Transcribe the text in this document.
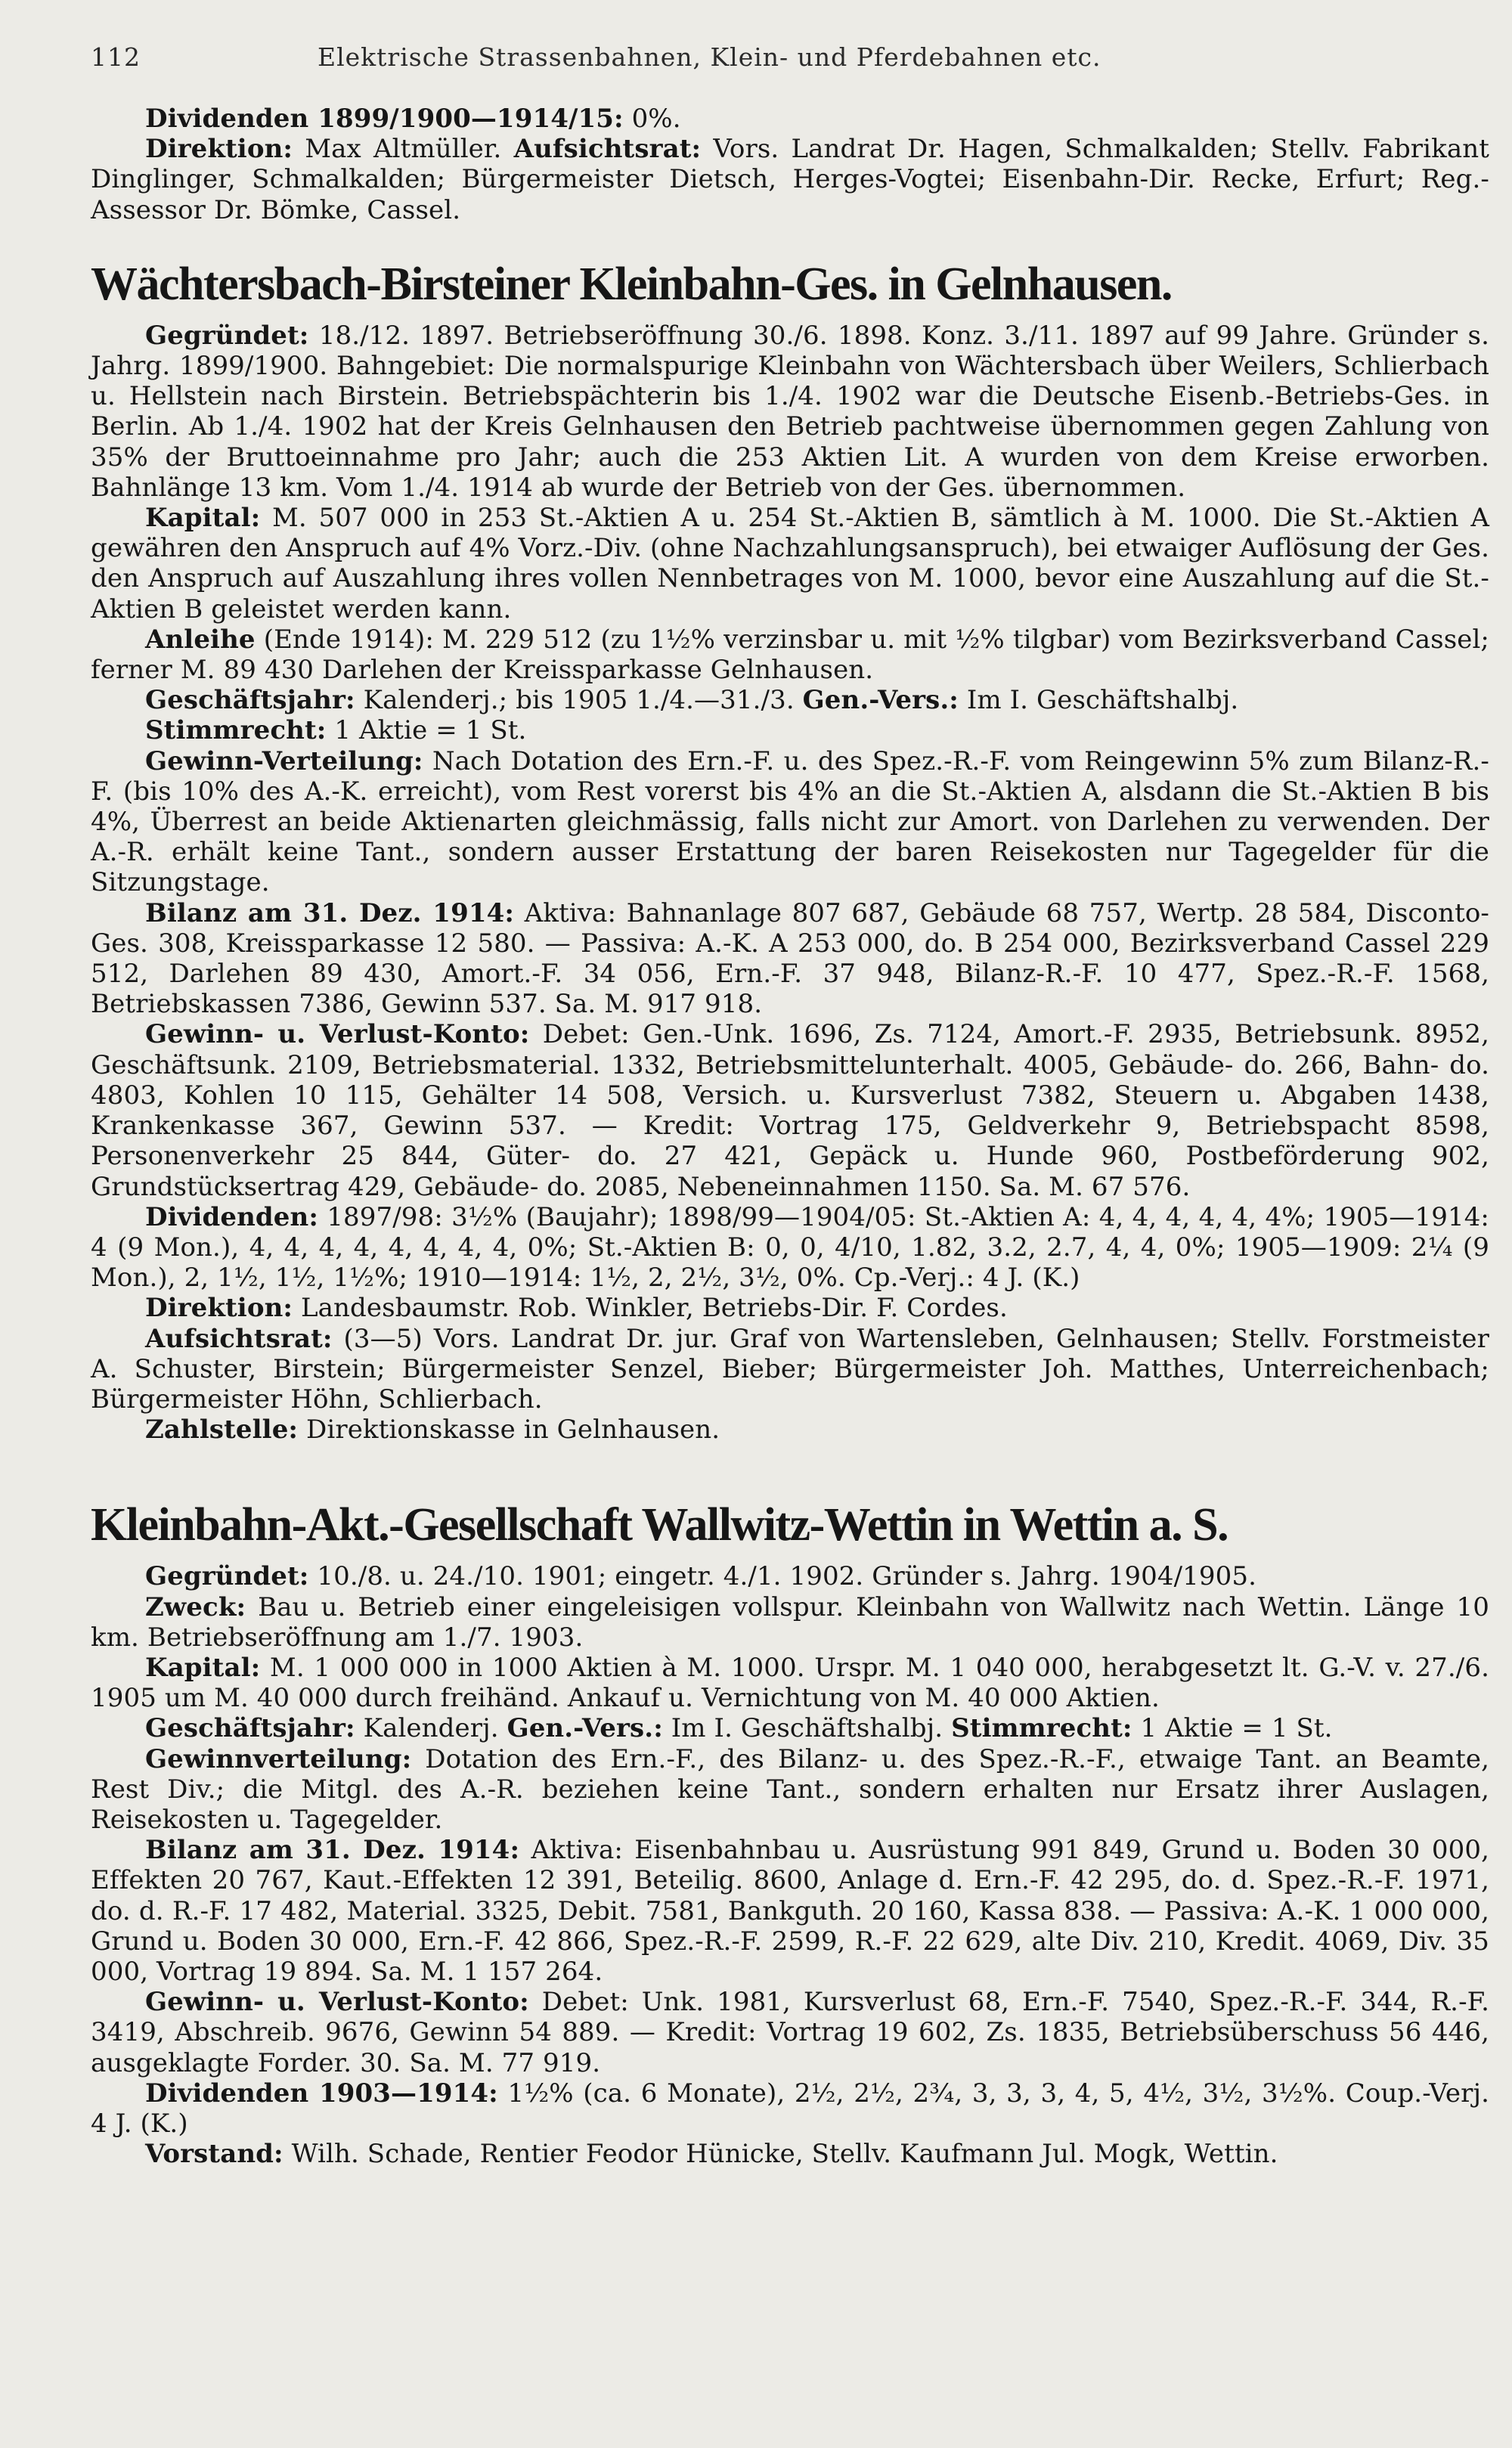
112	Elektrische Strassenbahnen, Klein- und Pferdebahnen etc.

Dividenden 1899/1900—1914/15: 0%.

Direktion: Max Altmüller. Aufsichtsrat: Vors. Landrat Dr. Hagen, Schmalkalden; Stellv. Fabrikant Dinglinger, Schmalkalden; Bürgermeister Dietsch, Herges-Vogtei; Eisenbahn-Dir. Recke, Erfurt; Reg.-Assessor Dr. Bömke, Cassel.

Wächtersbach-Birsteiner Kleinbahn-Ges. in Gelnhausen.

Gegründet: 18./12. 1897. Betriebseröffnung 30./6. 1898. Konz. 3./11. 1897 auf 99 Jahre. Gründer s. Jahrg. 1899/1900. Bahngebiet: Die normalspurige Kleinbahn von Wächtersbach über Weilers, Schlierbach u. Hellstein nach Birstein. Betriebspächterin bis 1./4. 1902 war die Deutsche Eisenb.-Betriebs-Ges. in Berlin. Ab 1./4. 1902 hat der Kreis Gelnhausen den Betrieb pachtweise übernommen gegen Zahlung von 35% der Bruttoeinnahme pro Jahr; auch die 253 Aktien Lit. A wurden von dem Kreise erworben. Bahnlänge 13 km. Vom 1./4. 1914 ab wurde der Betrieb von der Ges. übernommen.

Kapital: M. 507 000 in 253 St.-Aktien A u. 254 St.-Aktien B, sämtlich à M. 1000. Die St.-Aktien A gewähren den Anspruch auf 4% Vorz.-Div. (ohne Nachzahlungsanspruch), bei etwaiger Auflösung der Ges. den Anspruch auf Auszahlung ihres vollen Nennbetrages von M. 1000, bevor eine Auszahlung auf die St.-Aktien B geleistet werden kann.

Anleihe (Ende 1914): M. 229 512 (zu 1½% verzinsbar u. mit ½% tilgbar) vom Bezirksverband Cassel; ferner M. 89 430 Darlehen der Kreissparkasse Gelnhausen.

Geschäftsjahr: Kalenderj.; bis 1905 1./4.—31./3. Gen.-Vers.: Im I. Geschäftshalbj.

Stimmrecht: 1 Aktie = 1 St.

Gewinn-Verteilung: Nach Dotation des Ern.-F. u. des Spez.-R.-F. vom Reingewinn 5% zum Bilanz-R.-F. (bis 10% des A.-K. erreicht), vom Rest vorerst bis 4% an die St.-Aktien A, alsdann die St.-Aktien B bis 4%, Überrest an beide Aktienarten gleichmässig, falls nicht zur Amort. von Darlehen zu verwenden. Der A.-R. erhält keine Tant., sondern ausser Erstattung der baren Reisekosten nur Tagegelder für die Sitzungstage.

Bilanz am 31. Dez. 1914: Aktiva: Bahnanlage 807 687, Gebäude 68 757, Wertp. 28 584, Disconto-Ges. 308, Kreissparkasse 12 580. — Passiva: A.-K. A 253 000, do. B 254 000, Bezirksverband Cassel 229 512, Darlehen 89 430, Amort.-F. 34 056, Ern.-F. 37 948, Bilanz-R.-F. 10 477, Spez.-R.-F. 1568, Betriebskassen 7386, Gewinn 537. Sa. M. 917 918.

Gewinn- u. Verlust-Konto: Debet: Gen.-Unk. 1696, Zs. 7124, Amort.-F. 2935, Betriebsunk. 8952, Geschäftsunk. 2109, Betriebsmaterial. 1332, Betriebsmittelunterhalt. 4005, Gebäude- do. 266, Bahn- do. 4803, Kohlen 10 115, Gehälter 14 508, Versich. u. Kursverlust 7382, Steuern u. Abgaben 1438, Krankenkasse 367, Gewinn 537. — Kredit: Vortrag 175, Geldverkehr 9, Betriebspacht 8598, Personenverkehr 25 844, Güter- do. 27 421, Gepäck u. Hunde 960, Postbeförderung 902, Grundstücksertrag 429, Gebäude- do. 2085, Nebeneinnahmen 1150. Sa. M. 67 576.

Dividenden: 1897/98: 3½% (Baujahr); 1898/99—1904/05: St.-Aktien A: 4, 4, 4, 4, 4, 4%; 1905—1914: 4 (9 Mon.), 4, 4, 4, 4, 4, 4, 4, 4, 0%; St.-Aktien B: 0, 0, 4/10, 1.82, 3.2, 2.7, 4, 4, 0%; 1905—1909: 2¼ (9 Mon.), 2, 1½, 1½, 1½%; 1910—1914: 1½, 2, 2½, 3½, 0%. Cp.-Verj.: 4 J. (K.)

Direktion: Landesbaumstr. Rob. Winkler, Betriebs-Dir. F. Cordes.

Aufsichtsrat: (3—5) Vors. Landrat Dr. jur. Graf von Wartensleben, Gelnhausen; Stellv. Forstmeister A. Schuster, Birstein; Bürgermeister Senzel, Bieber; Bürgermeister Joh. Matthes, Unterreichenbach; Bürgermeister Höhn, Schlierbach.

Zahlstelle: Direktionskasse in Gelnhausen.

Kleinbahn-Akt.-Gesellschaft Wallwitz-Wettin in Wettin a. S.

Gegründet: 10./8. u. 24./10. 1901; eingetr. 4./1. 1902. Gründer s. Jahrg. 1904/1905.

Zweck: Bau u. Betrieb einer eingeleisigen vollspur. Kleinbahn von Wallwitz nach Wettin. Länge 10 km. Betriebseröffnung am 1./7. 1903.

Kapital: M. 1 000 000 in 1000 Aktien à M. 1000. Urspr. M. 1 040 000, herabgesetzt lt. G.-V. v. 27./6. 1905 um M. 40 000 durch freihänd. Ankauf u. Vernichtung von M. 40 000 Aktien.

Geschäftsjahr: Kalenderj. Gen.-Vers.: Im I. Geschäftshalbj. Stimmrecht: 1 Aktie = 1 St.

Gewinnverteilung: Dotation des Ern.-F., des Bilanz- u. des Spez.-R.-F., etwaige Tant. an Beamte, Rest Div.; die Mitgl. des A.-R. beziehen keine Tant., sondern erhalten nur Ersatz ihrer Auslagen, Reisekosten u. Tagegelder.

Bilanz am 31. Dez. 1914: Aktiva: Eisenbahnbau u. Ausrüstung 991 849, Grund u. Boden 30 000, Effekten 20 767, Kaut.-Effekten 12 391, Beteilig. 8600, Anlage d. Ern.-F. 42 295, do. d. Spez.-R.-F. 1971, do. d. R.-F. 17 482, Material. 3325, Debit. 7581, Bankguth. 20 160, Kassa 838. — Passiva: A.-K. 1 000 000, Grund u. Boden 30 000, Ern.-F. 42 866, Spez.-R.-F. 2599, R.-F. 22 629, alte Div. 210, Kredit. 4069, Div. 35 000, Vortrag 19 894. Sa. M. 1 157 264.

Gewinn- u. Verlust-Konto: Debet: Unk. 1981, Kursverlust 68, Ern.-F. 7540, Spez.-R.-F. 344, R.-F. 3419, Abschreib. 9676, Gewinn 54 889. — Kredit: Vortrag 19 602, Zs. 1835, Betriebsüberschuss 56 446, ausgeklagte Forder. 30. Sa. M. 77 919.

Dividenden 1903—1914: 1½% (ca. 6 Monate), 2½, 2½, 2¾, 3, 3, 3, 4, 5, 4½, 3½, 3½%. Coup.-Verj. 4 J. (K.)

Vorstand: Wilh. Schade, Rentier Feodor Hünicke, Stellv. Kaufmann Jul. Mogk, Wettin.
